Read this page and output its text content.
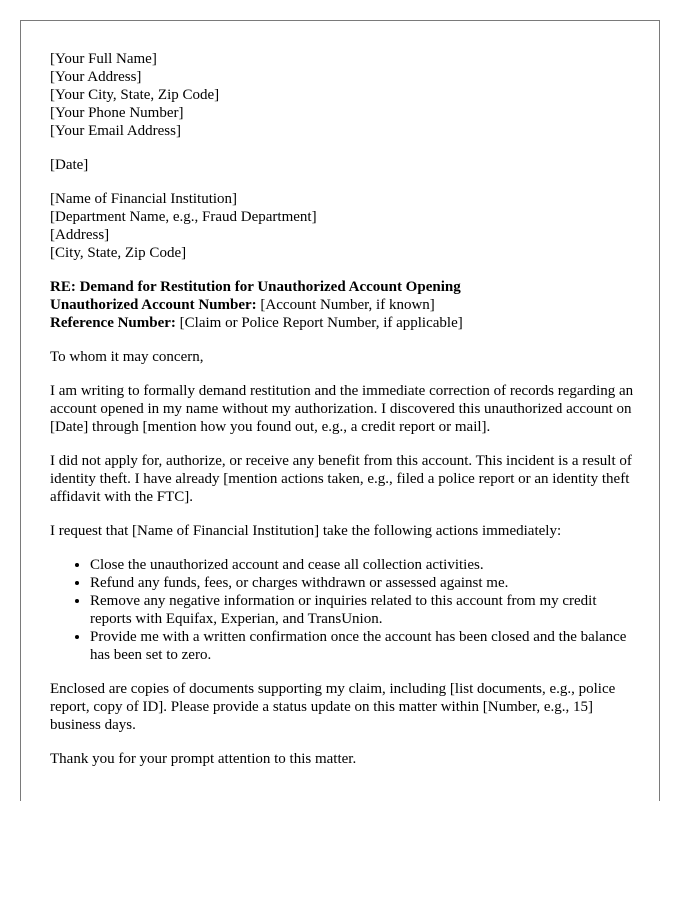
[Your Full Name]
[Your Address]
[Your City, State, Zip Code]
[Your Phone Number]
[Your Email Address]
[Date]
[Name of Financial Institution]
[Department Name, e.g., Fraud Department]
[Address]
[City, State, Zip Code]
RE: Demand for Restitution for Unauthorized Account Opening
Unauthorized Account Number: [Account Number, if known]
Reference Number: [Claim or Police Report Number, if applicable]

To whom it may concern,

I am writing to formally demand restitution and the immediate correction of records regarding an account opened in my name without my authorization. I discovered this unauthorized account on [Date] through [mention how you found out, e.g., a credit report or mail].

I did not apply for, authorize, or receive any benefit from this account. This incident is a result of identity theft. I have already [mention actions taken, e.g., filed a police report or an identity theft affidavit with the FTC].

I request that [Name of Financial Institution] take the following actions immediately:

• Close the unauthorized account and cease all collection activities.
• Refund any funds, fees, or charges withdrawn or assessed against me.
• Remove any negative information or inquiries related to this account from my credit reports with Equifax, Experian, and TransUnion.
• Provide me with a written confirmation once the account has been closed and the balance has been set to zero.

Enclosed are copies of documents supporting my claim, including [list documents, e.g., police report, copy of ID]. Please provide a status update on this matter within [Number, e.g., 15] business days.

Thank you for your prompt attention to this matter.
